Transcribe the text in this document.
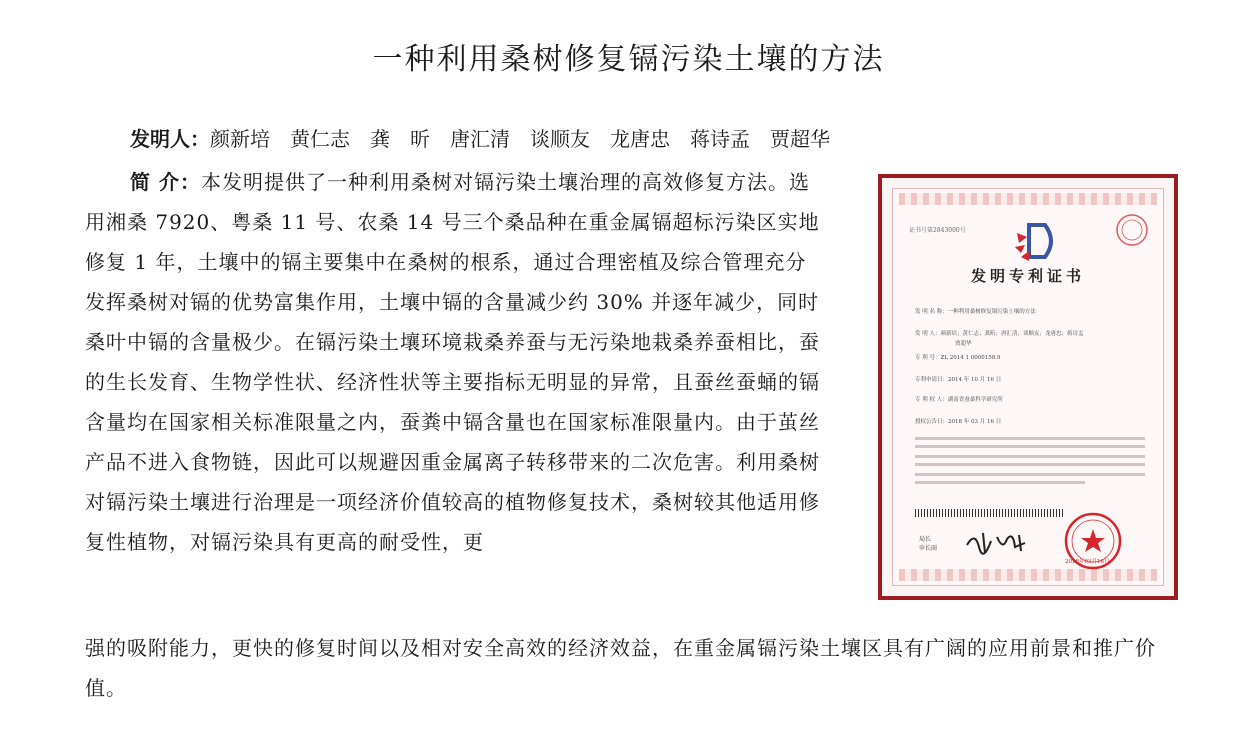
一种利用桑树修复镉污染土壤的方法
发明人：颜新培 黄仁志 龚　昕 唐汇清 谈顺友 龙唐忠 蒋诗孟 贾超华
简 介：本发明提供了一种利用桑树对镉污染土壤治理的高效修复方法。选用湘桑 7920、粤桑 11 号、农桑 14 号三个桑品种在重金属镉超标污染区实地修复 1 年，土壤中的镉主要集中在桑树的根系，通过合理密植及综合管理充分发挥桑树对镉的优势富集作用，土壤中镉的含量减少约 30% 并逐年减少，同时桑叶中镉的含量极少。在镉污染土壤环境栽桑养蚕与无污染地栽桑养蚕相比，蚕的生长发育、生物学性状、经济性状等主要指标无明显的异常，且蚕丝蚕蛹的镉含量均在国家相关标准限量之内，蚕粪中镉含量也在国家标准限量内。由于茧丝产品不进入食物链，因此可以规避因重金属离子转移带来的二次危害。利用桑树对镉污染土壤进行治理是一项经济价值较高的植物修复技术，桑树较其他适用修复性植物，对镉污染具有更高的耐受性，更
强的吸附能力，更快的修复时间以及相对安全高效的经济效益，在重金属镉污染土壤区具有广阔的应用前景和推广价值。
证书号第2843000号
发明专利证书
发 明 名 称：一种利用桑树修复镉污染土壤的方法
发 明 人：颜新培；黄仁志；龚昕；唐汇清；谈顺友；龙唐忠；蒋诗孟
贾超华
专 利 号：ZL 2014 1 0000158.9
专利申请日：2014 年 10 月 16 日
专 利 权 人：湖南省蚕桑科学研究所
授权公告日：2018 年 03 月 16 日
局长
申长雨
2018年03月16日
